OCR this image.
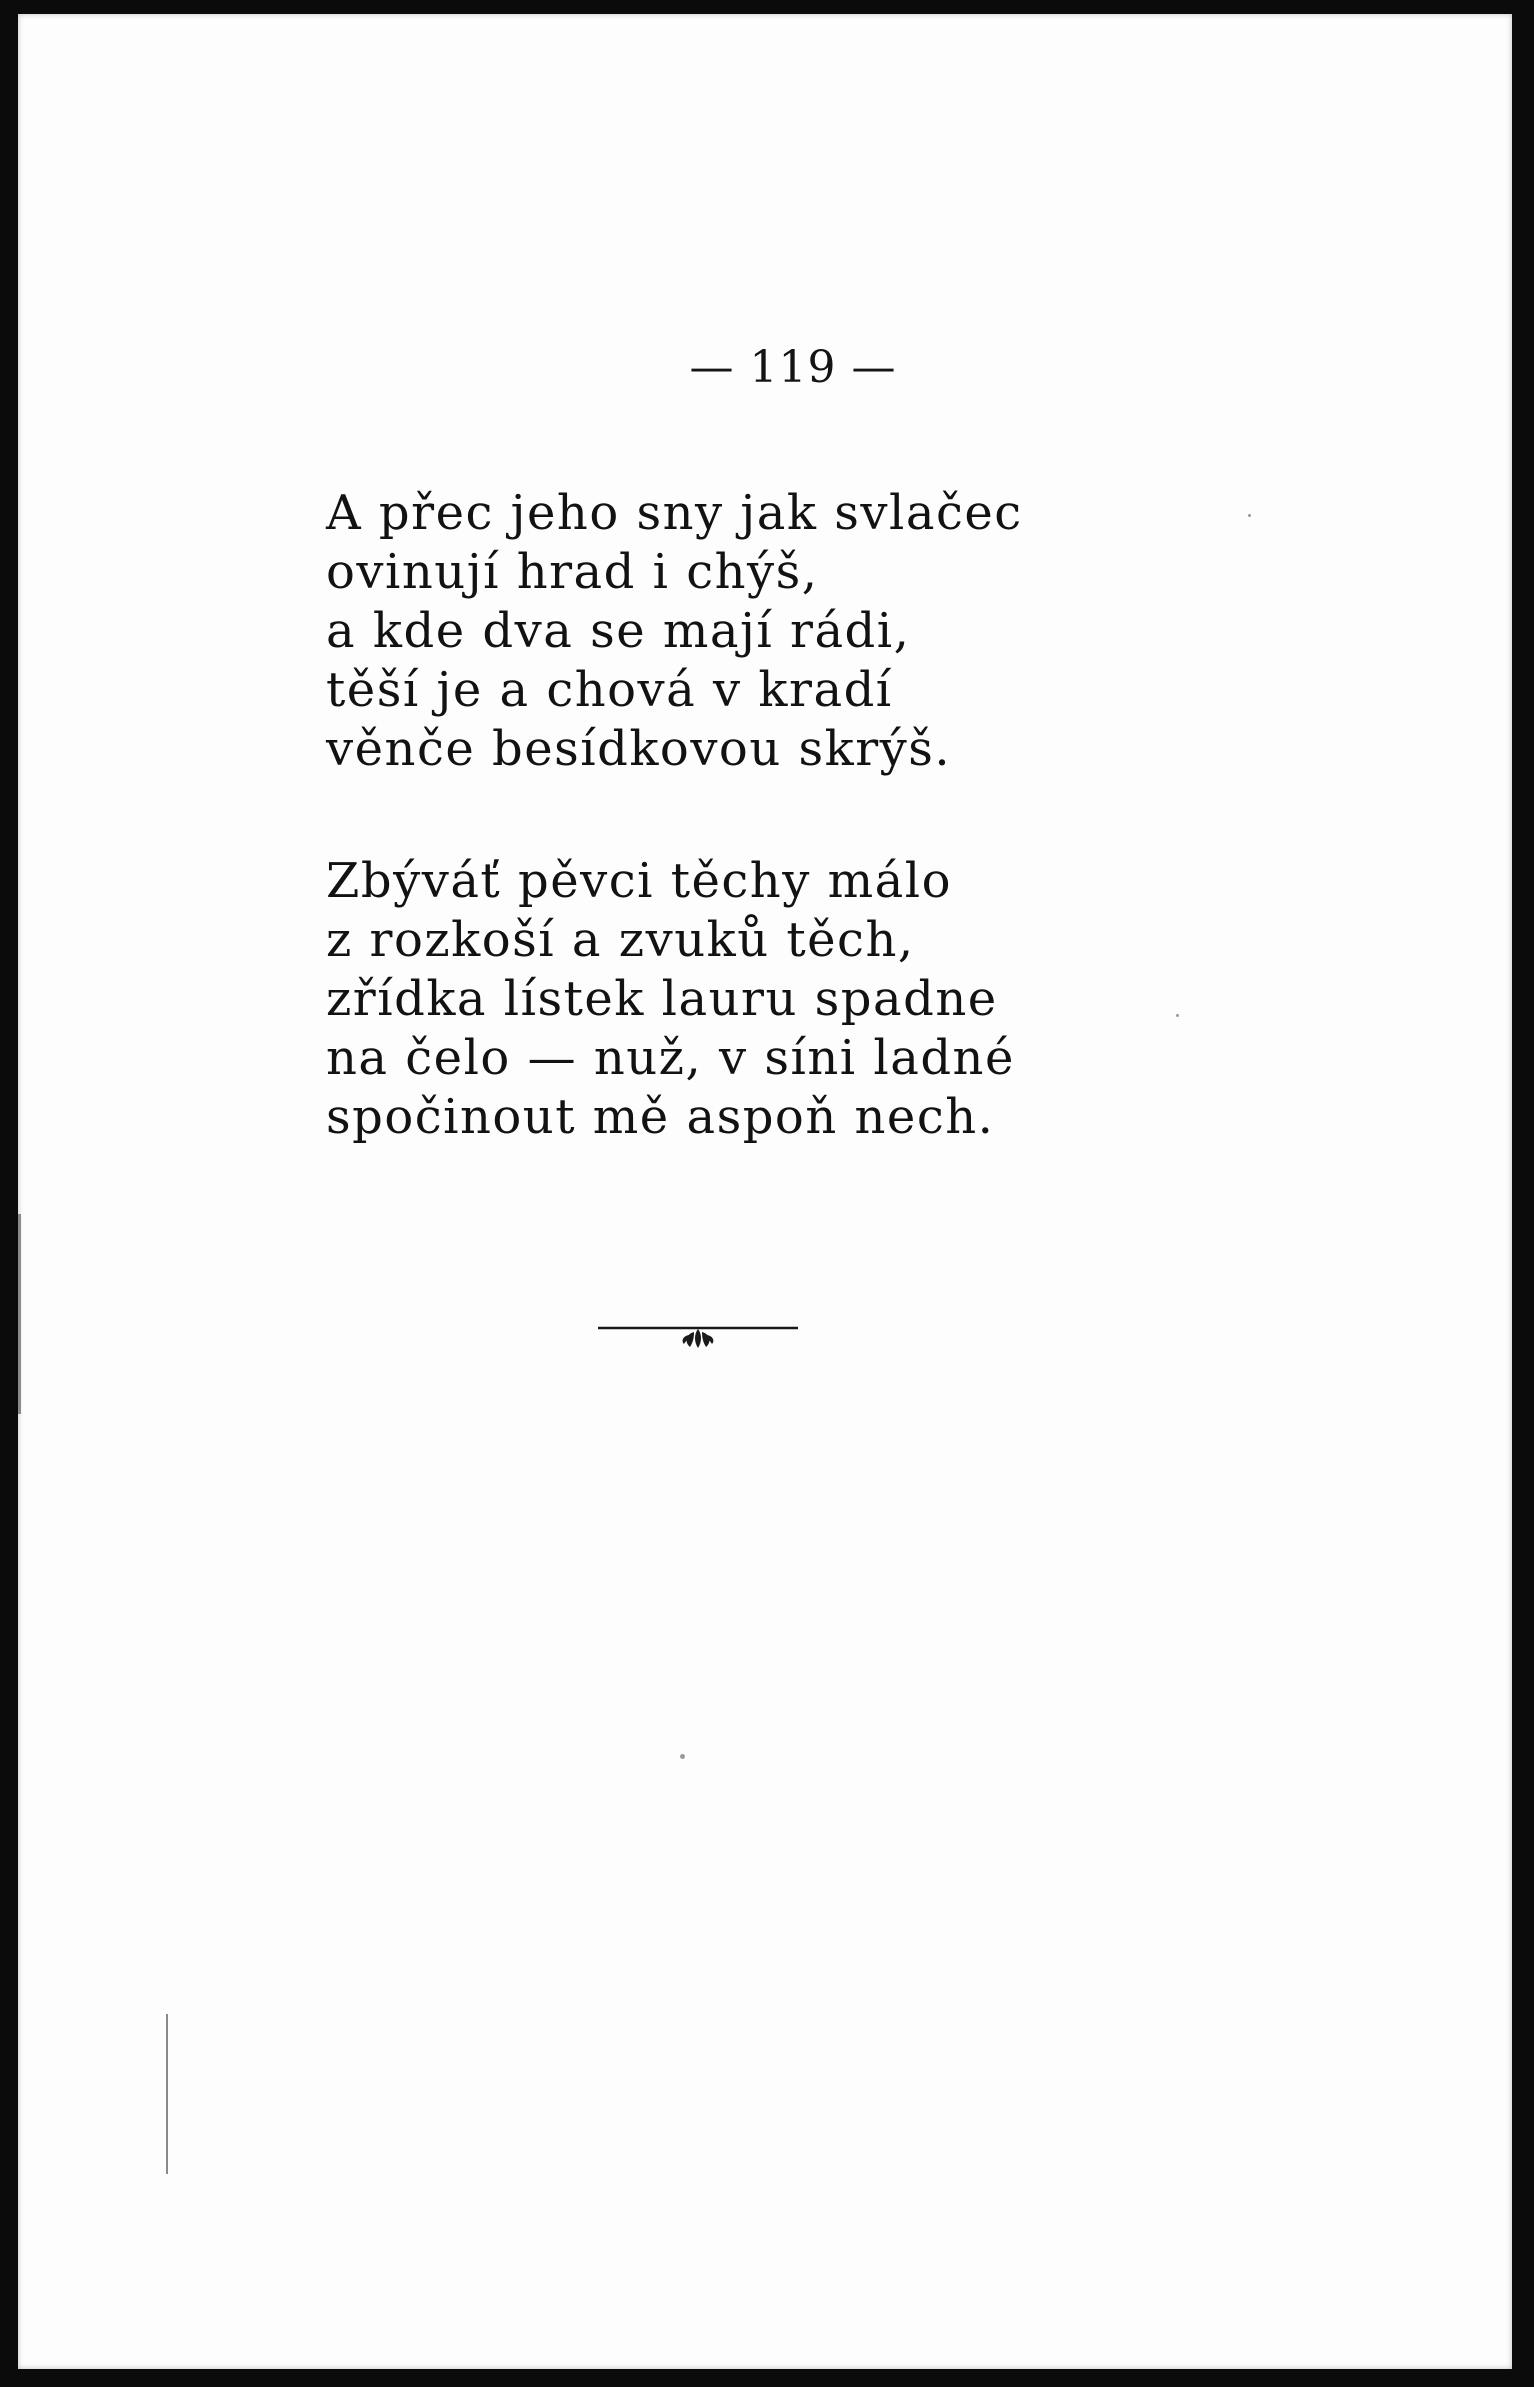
— 119 —
A přec jeho sny jak svlačec
ovinují hrad i chýš,
a kde dva se mají rádi,
těší je a chová v kradí
věnče besídkovou skrýš.
Zbýváť pěvci těchy málo
z rozkoší a zvuků těch,
zřídka lístek lauru spadne
na čelo — nuž, v síni ladné
spočinout mě aspoň nech.
